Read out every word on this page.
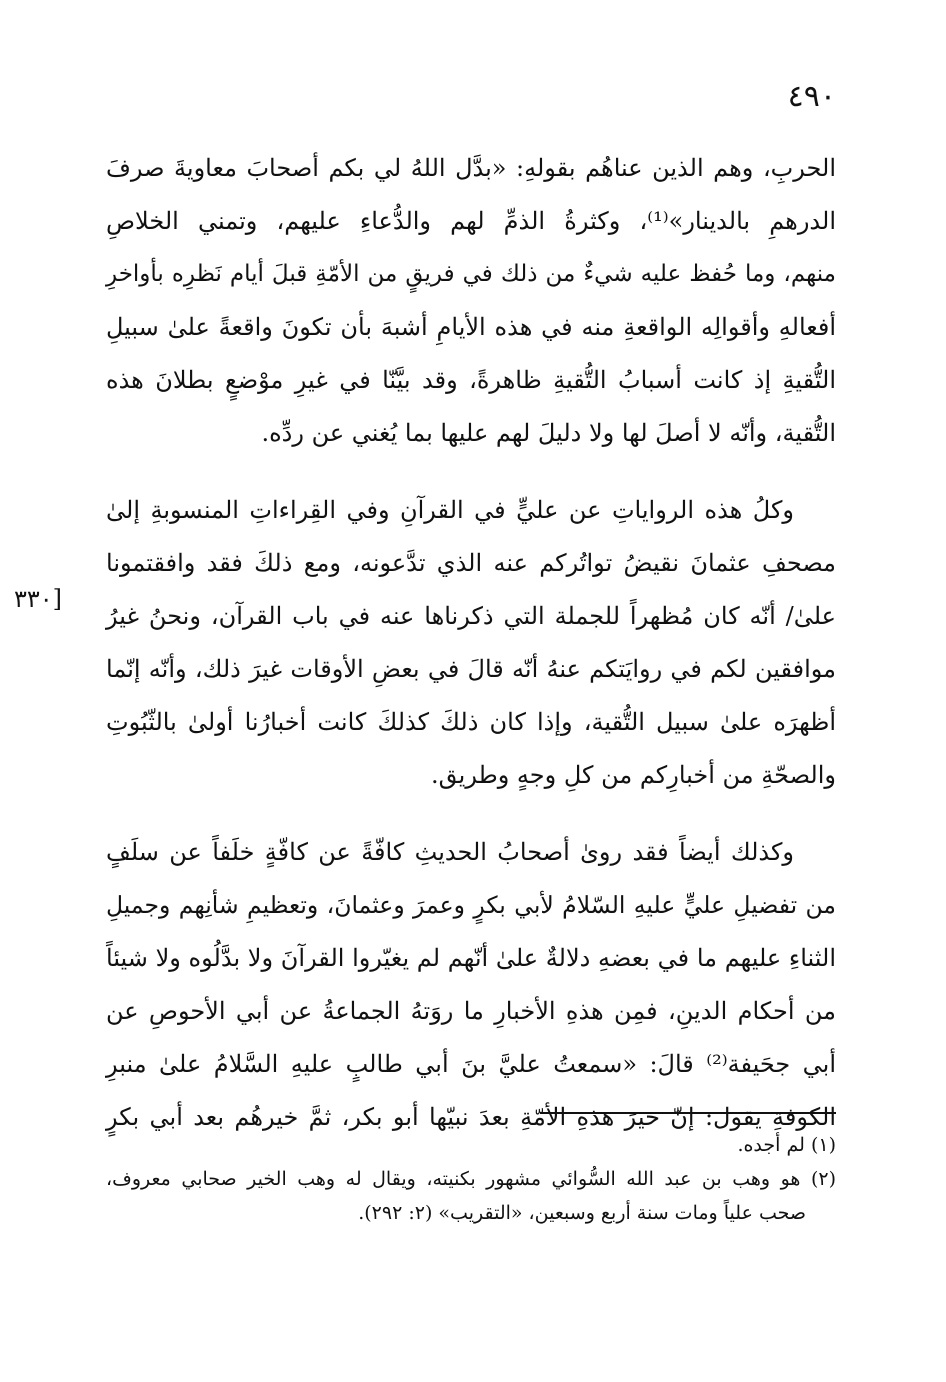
٤٩٠
الحربِ، وهم الذين عناهُم بقولهِ: «بدَّل اللهُ لي بكم أصحابَ معاويةَ صرفَ
الدرهمِ بالدينار»⁽¹⁾، وكثرةُ الذمِّ لهم والدُّعاءِ عليهم، وتمني الخلاصِ
منهم، وما حُفظ عليه شيءٌ من ذلك في فريقٍ من الأمّةِ قبلَ أيام نَظرِه بأواخرِ
أفعالهِ وأقوالِه الواقعةِ منه في هذه الأيامِ أشبهَ بأن تكونَ واقعةً علىٰ سبيلِ
التُّقيةِ إذ كانت أسبابُ التُّقيةِ ظاهرةً، وقد بيَّنّا في غيرِ موْضعٍ بطلانَ هذه
التُّقية، وأنّه لا أصلَ لها ولا دليلَ لهم عليها بما يُغني عن ردِّه.
وكلُ هذه الرواياتِ عن عليٍّ في القرآنِ وفي القِراءاتِ المنسوبةِ إلىٰ
مصحفِ عثمانَ نقيضُ تواتُركم عنه الذي تدَّعونه، ومع ذلكَ فقد وافقتمونا
علىٰ/ أنّه كان مُظهراً للجملة التي ذكرناها عنه في باب القرآن، ونحنُ غيرُ
موافقين لكم في روايَتكم عنهُ أنّه قالَ في بعضِ الأوقات غيرَ ذلك، وأنّه إنّما
أظهرَه علىٰ سبيل التُّقية، وإذا كان ذلكَ كذلكَ كانت أخبارُنا أولىٰ بالثّبُوتِ
والصحّةِ من أخبارِكم من كلِ وجهٍ وطريق.
وكذلك أيضاً فقد روىٰ أصحابُ الحديثِ كافّةً عن كافّةٍ خلَفاً عن سلَفٍ
من تفضيلِ عليٍّ عليهِ السّلامُ لأبي بكرٍ وعمرَ وعثمانَ، وتعظيمِ شأنِهم وجميلِ
الثناءِ عليهم ما في بعضهِ دلالةٌ علىٰ أنّهم لم يغيّروا القرآنَ ولا بدَّلُوه ولا شيئاً
من أحكام الدينِ، فمِن هذهِ الأخبارِ ما روَتهُ الجماعةُ عن أبي الأحوصِ عن
أبي جحَيفة⁽²⁾ قالَ: «سمعتُ عليَّ بنَ أبي طالبٍ عليهِ السَّلامُ علىٰ منبرِ
الكوفةِ يقول: إنّ خيرَ هذهِ الأمّةِ بعدَ نبيّها أبو بكر، ثمَّ خيرهُم بعد أبي بكرٍ
[٣٣٠
(١) لم أجده.
(٢) هو وهب بن عبد الله السُّوائي مشهور بكنيته، ويقال له وهب الخير صحابي معروف،
صحب علياً ومات سنة أربع وسبعين، «التقريب» (٢: ٢٩٢).
